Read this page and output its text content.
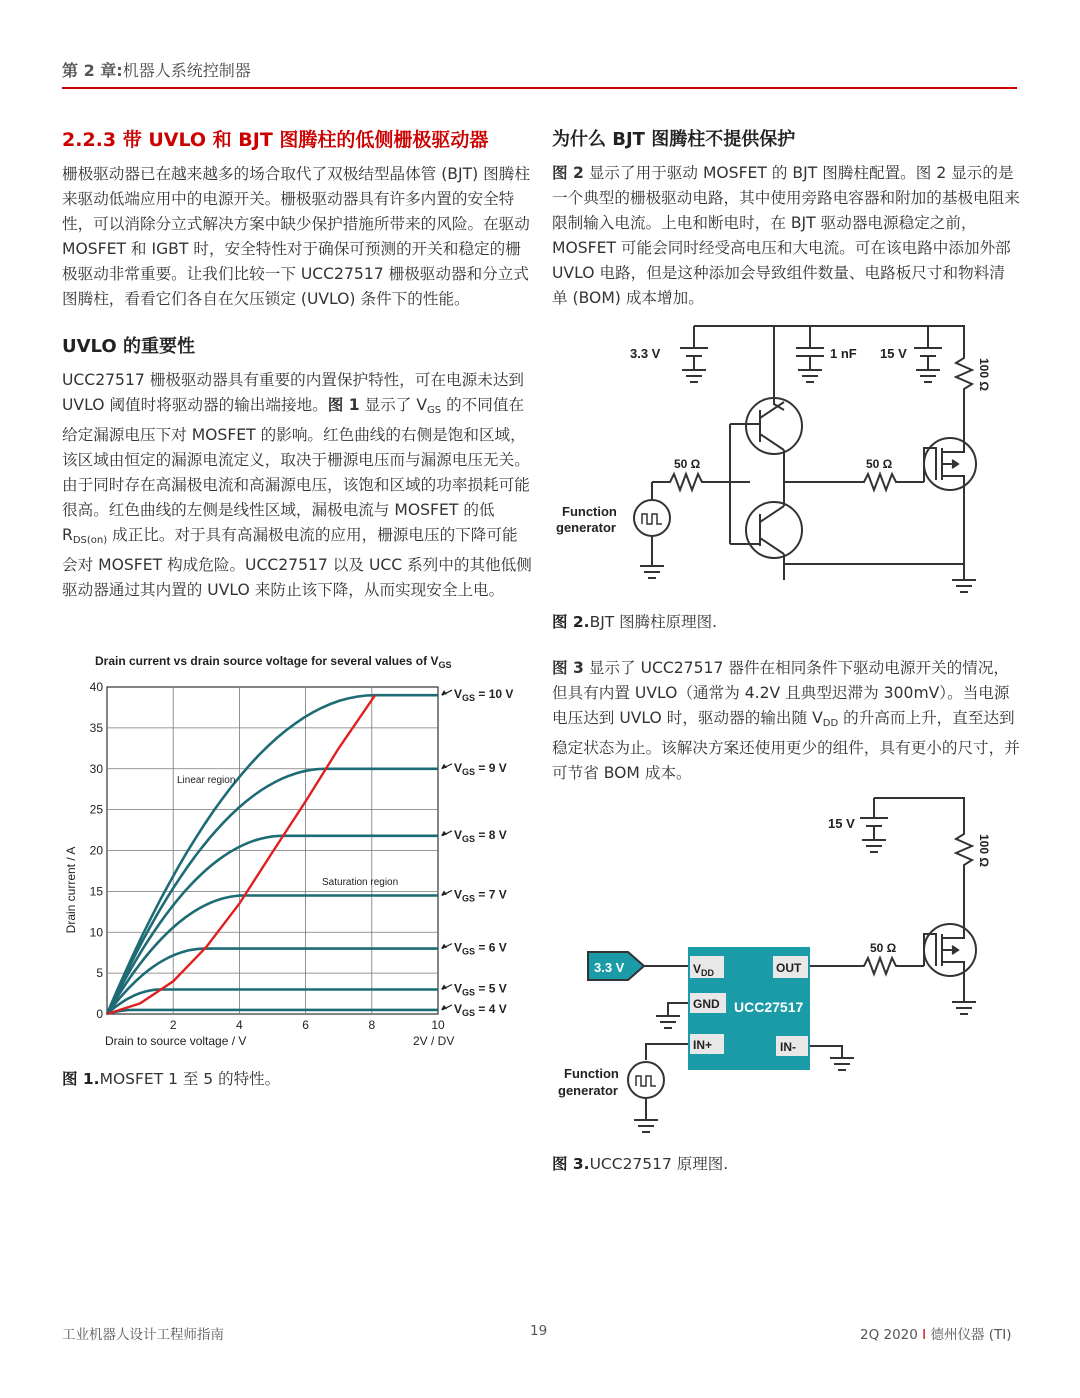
第 2 章:机器人系统控制器
2.2.3 带 UVLO 和 BJT 图腾柱的低侧栅极驱动器

栅极驱动器已在越来越多的场合取代了双极结型晶体管 (BJT) 图腾柱来驱动低端应用中的电源开关。栅极驱动器具有许多内置的安全特性，可以消除分立式解决方案中缺少保护措施所带来的风险。在驱动 MOSFET 和 IGBT 时，安全特性对于确保可预测的开关和稳定的栅极驱动非常重要。让我们比较一下 UCC27517 栅极驱动器和分立式图腾柱，看看它们各自在欠压锁定 (UVLO) 条件下的性能。

UVLO 的重要性

UCC27517 栅极驱动器具有重要的内置保护特性，可在电源未达到 UVLO 阈值时将驱动器的输出端接地。图 1 显示了 $V_{GS}$ 的不同值在给定漏源电压下对 MOSFET 的影响。红色曲线的右侧是饱和区域，该区域由恒定的漏源电流定义，取决于栅源电压而与漏源电压无关。由于同时存在高漏极电流和高漏源电压，该饱和区域的功率损耗可能很高。红色曲线的左侧是线性区域，漏极电流与 MOSFET 的低 $R_{DS(on)}$ 成正比。对于具有高漏极电流的应用，栅源电压的下降可能会对 MOSFET 构成危险。UCC27517 以及 UCC 系列中的其他低侧驱动器通过其内置的 UVLO 来防止该下降，从而实现安全上电。

Drain current vs drain source voltage for several values of $V_{GS}$
0
5
10
15
20
25
30
35
40
2	4	6	8	10
$V_{GS} = 10$ V
$V_{GS} = 9$ V
$V_{GS} = 8$ V
$V_{GS} = 7$ V
$V_{GS} = 6$ V
$V_{GS} = 5$ V
$V_{GS} = 4$ V
Drain current / A
Drain to source voltage / V	2V / DV
Linear region
Saturation region
图 1.MOSFET 1 至 5 的特性。
为什么 BJT 图腾柱不提供保护

图 2 显示了用于驱动 MOSFET 的 BJT 图腾柱配置。图 2 显示的是一个典型的栅极驱动电路，其中使用旁路电容器和附加的基极电阻来限制输入电流。上电和断电时，在 BJT 驱动器电源稳定之前，MOSFET 可能会同时经受高电压和大电流。可在该电路中添加外部 UVLO 电路，但是这种添加会导致组件数量、电路板尺寸和物料清单 (BOM) 成本增加。

3.3 V	1 nF 15 V
100 Ω
50 Ω
Function
generator
50 Ω
图 2.BJT 图腾柱原理图.

图 3 显示了 UCC27517 器件在相同条件下驱动电源开关的情况，但具有内置 UVLO（通常为 4.2V 且典型迟滞为 300mV）。当电源电压达到 UVLO 时，驱动器的输出随 $V_{DD}$ 的升高而上升，直至达到稳定状态为止。该解决方案还使用更少的组件，具有更小的尺寸，并可节省 BOM 成本。

15 V
100 Ω
50 Ω
$V_{DD}$	OUT
GND UCC27517
IN+	IN-
3.3 V
Function
generator
图 3.UCC27517 原理图.
工业机器人设计工程师指南	19	2Q 2020 I 德州仪器 (TI)
